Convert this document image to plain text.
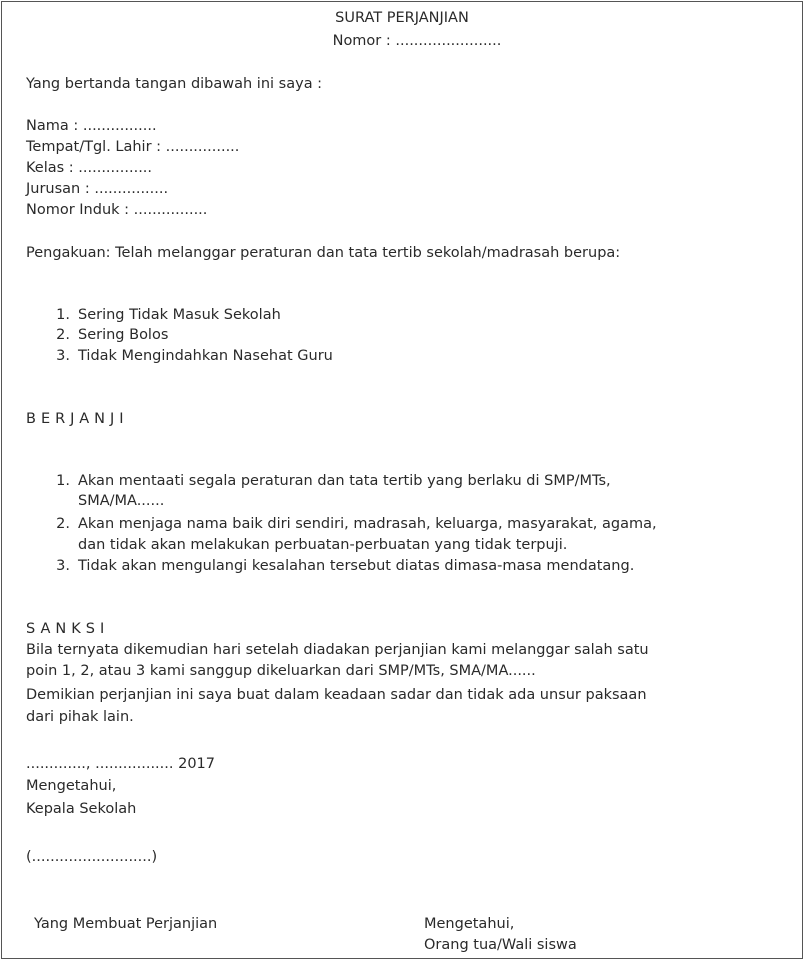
SURAT PERJANJIAN
Nomor : .......................
Yang bertanda tangan dibawah ini saya :
Nama : ................
Tempat/Tgl. Lahir : ................
Kelas : ................
Jurusan : ................
Nomor Induk : ................
Pengakuan: Telah melanggar peraturan dan tata tertib sekolah/madrasah berupa:
1. Sering Tidak Masuk Sekolah
2. Sering Bolos
3. Tidak Mengindahkan Nasehat Guru
BERJANJI
1. Akan mentaati segala peraturan dan tata tertib yang berlaku di SMP/MTs,
SMA/MA......
2. Akan menjaga nama baik diri sendiri, madrasah, keluarga, masyarakat, agama,
dan tidak akan melakukan perbuatan-perbuatan yang tidak terpuji.
3. Tidak akan mengulangi kesalahan tersebut diatas dimasa-masa mendatang.
SANKSI
Bila ternyata dikemudian hari setelah diadakan perjanjian kami melanggar salah satu
poin 1, 2, atau 3 kami sanggup dikeluarkan dari SMP/MTs, SMA/MA......
Demikian perjanjian ini saya buat dalam keadaan sadar dan tidak ada unsur paksaan
dari pihak lain.
............., ................. 2017
Mengetahui,
Kepala Sekolah
(..........................)
Yang Membuat Perjanjian	Mengetahui,
Orang tua/Wali siswa
